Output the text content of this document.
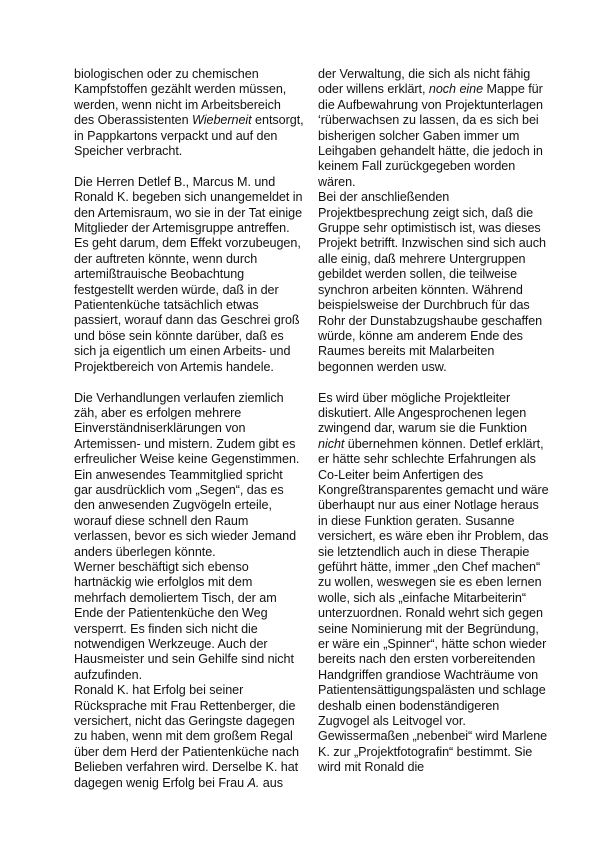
biologischen oder zu chemischen Kampfstoffen gezählt werden müssen, werden, wenn nicht im Arbeitsbereich des Oberassistenten Wieberneit entsorgt, in Pappkartons verpackt und auf den Speicher verbracht.

Die Herren Detlef B., Marcus M. und Ronald K. begeben sich unangemeldet in den Artemisraum, wo sie in der Tat einige Mitglieder der Artemisgruppe antreffen. Es geht darum, dem Effekt vorzubeugen, der auftreten könnte, wenn durch artemißtrauische Beobachtung festgestellt werden würde, daß in der Patientenküche tatsächlich etwas passiert, worauf dann das Geschrei groß und böse sein könnte darüber, daß es sich ja eigentlich um einen Arbeits- und Projektbereich von Artemis handele.

Die Verhandlungen verlaufen ziemlich zäh, aber es erfolgen mehrere Einverständniserklärungen von Artemissen- und mistern. Zudem gibt es erfreulicher Weise keine Gegenstimmen. Ein anwesendes Teammitglied spricht gar ausdrücklich vom „Segen“, das es den anwesenden Zugvögeln erteile, worauf diese schnell den Raum verlassen, bevor es sich wieder Jemand anders überlegen könnte.

Werner beschäftigt sich ebenso hartnäckig wie erfolglos mit dem mehrfach demoliertem Tisch, der am Ende der Patientenküche den Weg versperrt. Es finden sich nicht die notwendigen Werkzeuge. Auch der Hausmeister und sein Gehilfe sind nicht aufzufinden.

Ronald K. hat Erfolg bei seiner Rücksprache mit Frau Rettenberger, die versichert, nicht das Geringste dagegen zu haben, wenn mit dem großem Regal über dem Herd der Patientenküche nach Belieben verfahren wird. Derselbe K. hat dagegen wenig Erfolg bei Frau A. aus

der Verwaltung, die sich als nicht fähig oder willens erklärt, noch eine Mappe für die Aufbewahrung von Projektunterlagen ‘rüberwachsen zu lassen, da es sich bei bisherigen solcher Gaben immer um Leihgaben gehandelt hätte, die jedoch in keinem Fall zurückgegeben worden wären.

Bei der anschließenden Projektbesprechung zeigt sich, daß die Gruppe sehr optimistisch ist, was dieses Projekt betrifft. Inzwischen sind sich auch alle einig, daß mehrere Untergruppen gebildet werden sollen, die teilweise synchron arbeiten könnten. Während beispielsweise der Durchbruch für das Rohr der Dunstabzugshaube geschaffen würde, könne am anderem Ende des Raumes bereits mit Malarbeiten begonnen werden usw.

Es wird über mögliche Projektleiter diskutiert. Alle Angesprochenen legen zwingend dar, warum sie die Funktion nicht übernehmen können. Detlef erklärt, er hätte sehr schlechte Erfahrungen als Co-Leiter beim Anfertigen des Kongreßtransparentes gemacht und wäre überhaupt nur aus einer Notlage heraus in diese Funktion geraten. Susanne versichert, es wäre eben ihr Problem, das sie letztendlich auch in diese Therapie geführt hätte, immer „den Chef machen“ zu wollen, weswegen sie es eben lernen wolle, sich als „einfache Mitarbeiterin“ unterzuordnen. Ronald wehrt sich gegen seine Nominierung mit der Begründung, er wäre ein „Spinner“, hätte schon wieder bereits nach den ersten vorbereitenden Handgriffen grandiose Wachträume von Patientensättigungspalästen und schlage deshalb einen bodenständigeren Zugvogel als Leitvogel vor.

Gewissermaßen „nebenbei“ wird Marlene K. zur „Projektfotografin“ bestimmt. Sie wird mit Ronald die
